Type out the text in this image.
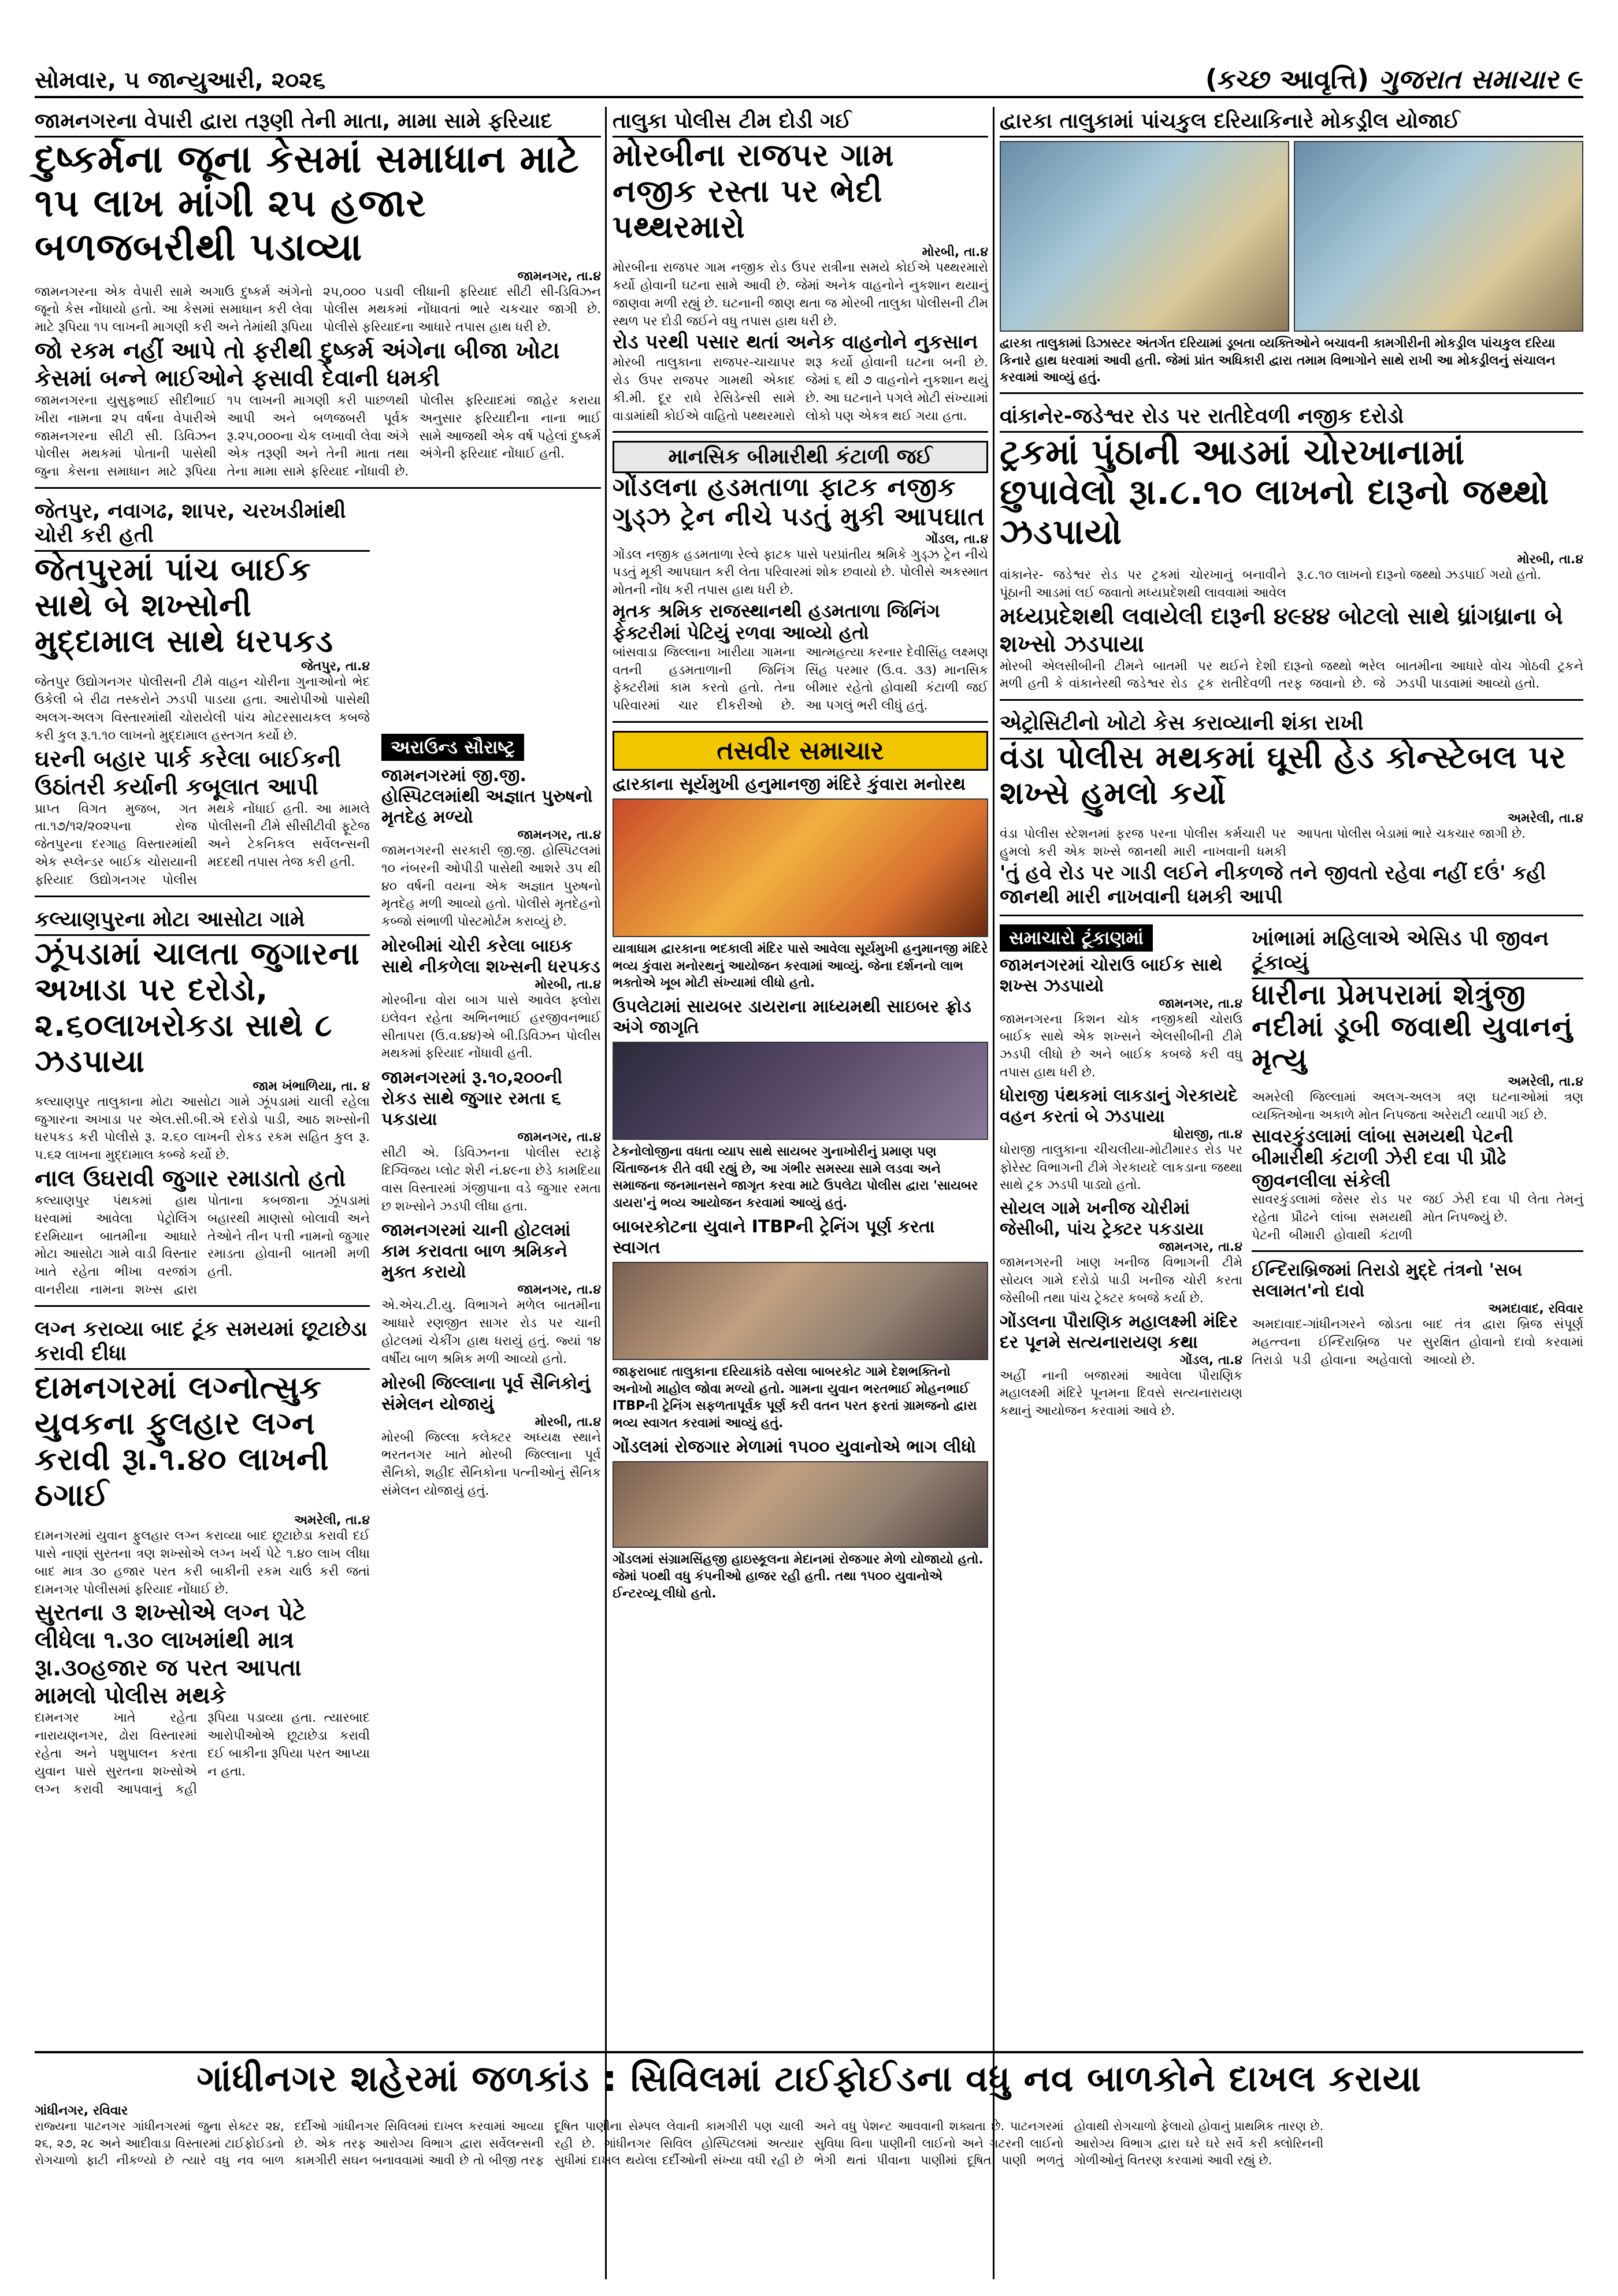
સોમવાર, ૫ જાન્યુઆરી, ૨૦૨૬	(કચ્છ આવૃત્તિ) ગુજરાત સમાચાર ૯
જામનગરના વેપારી દ્વારા તરૂણી તેની માતા, મામા સામે ફરિયાદ
દુષ્કર્મના જૂના કેસમાં સમાધાન માટે ૧૫ લાખ માંગી ૨૫ હજાર બળજબરીથી પડાવ્યા
જામનગર, તા.૪
જામનગરના એક વેપારી સામે અગાઉ દુષ્કર્મ અંગેનો જૂનો કેસ નોંધાયો હતો. આ કેસમાં સમાધાન કરી લેવા માટે રૂપિયા ૧૫ લાખની માગણી કરી અને તેમાંથી રૂપિયા ૨૫,૦૦૦ પડાવી લીધાની ફરિયાદ સીટી સી-ડિવિઝન પોલીસ મથકમાં નોંધાવતાં ભારે ચકચાર જાગી છે. પોલીસે ફરિયાદના આધારે તપાસ હાથ ધરી છે.
જો રકમ નહીં આપે તો ફરીથી દુષ્કર્મ અંગેના બીજા ખોટા કેસમાં બન્ને ભાઈઓને ફસાવી દેવાની ધમકી
જામનગરના યુસુફભાઈ સીદીભાઈ ખીરા નામના ૨૫ વર્ષના વેપારીએ જામનગરના સીટી સી. ડિવિઝન પોલીસ મથકમાં પોતાની પાસેથી જુના કેસના સમાધાન માટે રૂપિયા ૧૫ લાખની માગણી કરી પાછળથી આપી અને બળજબરી પૂર્વક રૂ.૨૫,૦૦૦ના ચેક લખાવી લેવા અંગે એક તરૂણી અને તેની માતા તથા તેના મામા સામે ફરિયાદ નોંધાવી છે. પોલીસ ફરિયાદમાં જાહેર કરાયા અનુસાર ફરિયાદીના નાના ભાઈ સામે આજથી એક વર્ષ પહેલાં દુષ્કર્મ અંગેની ફરિયાદ નોંધાઈ હતી.
જેતપુર, નવાગઢ, શાપર, ચરખડીમાંથી ચોરી કરી હતી
જેતપુરમાં પાંચ બાઈક સાથે બે શખ્સોની મુદ્દામાલ સાથે ધરપકડ
જેતપુર, તા.૪
જેતપુર ઉદ્યોગનગર પોલીસની ટીમે વાહન ચોરીના ગુનાઓનો ભેદ ઉકેલી બે રીઢા તસ્કરોને ઝડપી પાડયા હતા. આરોપીઓ પાસેથી અલગ-અલગ વિસ્તારમાંથી ચોરાયેલી પાંચ મોટરસાયકલ કબજે કરી કુલ રૂ.૧.૧૦ લાખનો મુદ્દામાલ હસ્તગત કર્યો છે.
ઘરની બહાર પાર્ક કરેલા બાઈકની ઉઠાંતરી કર્યાની કબૂલાત આપી
પ્રાપ્ત વિગત મુજબ, ગત તા.૧૭/૧૨/૨૦૨૫ના રોજ જેતપુરના દરગાહ વિસ્તારમાંથી એક સ્પ્લેન્ડર બાઈક ચોરાયાની ફરિયાદ ઉદ્યોગનગર પોલીસ મથકે નોંધાઈ હતી. આ મામલે પોલીસની ટીમે સીસીટીવી ફૂટેજ અને ટેકનિકલ સર્વેલન્સની મદદથી તપાસ તેજ કરી હતી.
કલ્યાણપુરના મોટા આસોટા ગામે
ઝૂંપડામાં ચાલતા જુગારના અખાડા પર દરોડો, ૨.૬૦લાખરોકડા સાથે ૮ ઝડપાયા
જામ ખંભાળિયા, તા. ૪
કલ્યાણપુર તાલુકાના મોટા આસોટા ગામે ઝૂંપડામાં ચાલી રહેલા જુગારના અખાડા પર એલ.સી.બી.એ દરોડો પાડી, આઠ શખ્સોની ધરપકડ કરી પોલીસે રૂ. ૨.૬૦ લાખની રોકડ રકમ સહિત કુલ રૂ. ૫.૬૨ લાખના મુદ્દામાલ કબ્જે કર્યો છે.
નાલ ઉઘરાવી જુગાર રમાડાતો હતો
કલ્યાણપુર પંથકમાં હાથ ધરવામાં આવેલા પેટ્રોલિંગ દરમિયાન બાતમીના આધારે મોટા આસોટા ગામે વાડી વિસ્તાર ખાતે રહેતા ભીખા વરજાંગ વાનરીયા નામના શખ્સ દ્વારા પોતાના કબજાના ઝૂંપડામાં બહારથી માણસો બોલાવી અને તેઓને તીન પત્તી નામનો જુગાર રમાડતા હોવાની બાતમી મળી હતી.
લગ્ન કરાવ્યા બાદ ટૂંક સમયમાં છૂટાછેડા કરાવી દીધા
દામનગરમાં લગ્નોત્સુક યુવકના ફુલહાર લગ્ન કરાવી રૂા.૧.૪૦ લાખની ઠગાઈ
અમરેલી, તા.૪
દામનગરમાં યુવાન ફુલહાર લગ્ન કરાવ્યા બાદ છૂટાછેડા કરાવી દઈ પાસે નાણાં સુરતના ત્રણ શખ્સોએ લગ્ન ખર્ચ પેટે ૧.૪૦ લાખ લીધા બાદ માત્ર ૩૦ હજાર પરત કરી બાકીની રકમ ચાઉં કરી જતાં દામનગર પોલીસમાં ફરિયાદ નોંધાઈ છે.
સુરતના ૩ શખ્સોએ લગ્ન પેટે લીધેલા ૧.૩૦ લાખમાંથી માત્ર રૂા.૩૦હજાર જ પરત આપતા મામલો પોલીસ મથકે
દામનગર ખાતે રહેતા નારાયણનગર, ઢોરા વિસ્તારમાં રહેતા અને પશુપાલન કરતા યુવાન પાસે સુરતના શખ્સોએ લગ્ન કરાવી આપવાનું કહી રૂપિયા પડાવ્યા હતા. ત્યારબાદ આરોપીઓએ છૂટાછેડા કરાવી દઈ બાકીના રૂપિયા પરત આપ્યા ન હતા.
અરાઉન્ડ સૌરાષ્ટ્ર
જામનગરમાં જી.જી. હોસ્પિટલમાંથી અજ્ઞાત પુરુષનો મૃતદેહ મળ્યો
જામનગર, તા.૪
જામનગરની સરકારી જી.જી. હોસ્પિટલમાં ૧૦ નંબરની ઓપીડી પાસેથી આશરે ૩૫ થી ૪૦ વર્ષની વયના એક અજ્ઞાત પુરુષનો મૃતદેહ મળી આવ્યો હતો. પોલીસે મૃતદેહનો કબ્જો સંભાળી પોસ્ટમોર્ટમ કરાવ્યું છે.
મોરબીમાં ચોરી કરેલા બાઇક સાથે નીકળેલા શખ્સની ધરપકડ
મોરબી, તા.૪
મોરબીના વોરા બાગ પાસે આવેલ ફ્લોરા ઇલેવન રહેતા અભિનભાઈ હરજીવનભાઈ સીતાપરા (ઉ.વ.૪૪)એ બી.ડિવિઝન પોલીસ મથકમાં ફરિયાદ નોંધાવી હતી.
જામનગરમાં રૂ.૧૦,૨૦૦ની રોકડ સાથે જુગાર રમતા ૬ પકડાયા
જામનગર, તા.૪
સીટી એ. ડિવિઝનના પોલીસ સ્ટાફે દિગ્વિજય પ્લોટ શેરી નં.૪૯ના છેડે કામદિયા વાસ વિસ્તારમાં ગંજીપાના વડે જુગાર રમતા છ શખ્સોને ઝડપી લીધા હતા.
જામનગરમાં ચાની હોટલમાં કામ કરાવતા બાળ શ્રમિકને મુક્ત કરાયો
જામનગર, તા.૪
એ.એચ.ટી.યુ. વિભાગને મળેલ બાતમીના આધારે રણજીત સાગર રોડ પર ચાની હોટલમાં ચેકીંગ હાથ ધરાયું હતું. જ્યાં ૧૪ વર્ષીય બાળ શ્રમિક મળી આવ્યો હતો.
મોરબી જિલ્લાના પૂર્વ સૈનિકોનું સંમેલન યોજાયું
મોરબી, તા.૪
મોરબી જિલ્લા કલેક્ટર અધ્યક્ષ સ્થાને ભરતનગર ખાતે મોરબી જિલ્લાના પૂર્વ સૈનિકો, શહીદ સૈનિકોના પત્નીઓનું સૈનિક સંમેલન યોજાયું હતું.
તાલુકા પોલીસ ટીમ દોડી ગઈ
મોરબીના રાજપર ગામ નજીક રસ્તા પર ભેદી પથ્થરમારો
મોરબી, તા.૪
મોરબીના રાજપર ગામ નજીક રોડ ઉપર રાત્રીના સમયે કોઈએ પથ્થરમારો કર્યો હોવાની ઘટના સામે આવી છે. જેમાં અનેક વાહનોને નુકશાન થયાનું જાણવા મળી રહ્યું છે. ઘટનાની જાણ થતા જ મોરબી તાલુકા પોલીસની ટીમ સ્થળ પર દોડી જઈને વધુ તપાસ હાથ ધરી છે.
રોડ પરથી પસાર થતાં અનેક વાહનોને નુકસાન
મોરબી તાલુકાના રાજપર-ચાચાપર રોડ ઉપર રાજપર ગામથી એકાદ કી.મી. દૂર રાધે રેસિડેન્સી સામે વાડામાંથી કોઈએ વાહિતો પથ્થરમારો શરૂ કર્યો હોવાની ઘટના બની છે. જેમાં ૬ થી ૭ વાહનોને નુકશાન થયું છે. આ ઘટનાને પગલે મોટી સંખ્યામાં લોકો પણ એકત્ર થઈ ગયા હતા.
માનસિક બીમારીથી કંટાળી જઈ
ગોંડલના હડમતાળા ફાટક નજીક ગુડ્ઝ ટ્રેન નીચે પડતું મુકી આપઘાત
ગોંડલ, તા.૪
ગોંડલ નજીક હડમતાળા રેલ્વે ફાટક પાસે પરપ્રાંતીય શ્રમિકે ગુડ્ઝ ટ્રેન નીચે પડતું મૂકી આપઘાત કરી લેતા પરિવારમાં શોક છવાયો છે. પોલીસે અકસ્માત મોતની નોંધ કરી તપાસ હાથ ધરી છે.
મૃતક શ્રમિક રાજસ્થાનથી હડમતાળા જિનિંગ ફેક્ટરીમાં પેટિયું રળવા આવ્યો હતો
બાંસવાડા જિલ્લાના ખારીયા ગામના વતની હડમતાળાની જિનિંગ ફેક્ટરીમાં કામ કરતો હતો. તેના પરિવારમાં ચાર દીકરીઓ છે. આત્મહત્યા કરનાર દેવીસિંહ લક્ષ્મણ સિંહ પરમાર (ઉ.વ. ૩૩) માનસિક બીમાર રહેતો હોવાથી કંટાળી જઈ આ પગલું ભરી લીધું હતું.
તસવીર સમાચાર
દ્વારકાના સૂર્યમુખી હનુમાનજી મંદિરે કુંવારા મનોરથ
યાત્રાધામ દ્વારકાના ભદકાલી મંદિર પાસે આવેલા સૂર્યમુખી હનુમાનજી મંદિરે ભવ્ય કુંવારા મનોરથનું આયોજન કરવામાં આવ્યું. જેના દર્શનનો લાભ ભક્તોએ ખૂબ મોટી સંખ્યામાં લીધો હતો.
ઉપલેટામાં સાયબર ડાયરાના માધ્યમથી સાઇબર ફ્રોડ અંગે જાગૃતિ
ટેકનોલોજીના વધતા વ્યાપ સાથે સાયબર ગુનાખોરીનું પ્રમાણ પણ ચિંતાજનક રીતે વધી રહ્યું છે, આ ગંભીર સમસ્યા સામે લડવા અને સમાજના જનમાનસને જાગૃત કરવા માટે ઉપલેટા પોલીસ દ્વારા 'સાયબર ડાયરા'નું ભવ્ય આયોજન કરવામાં આવ્યું હતું.
બાબરકોટના યુવાને ITBPની ટ્રેનિંગ પૂર્ણ કરતા સ્વાગત
જાફરાબાદ તાલુકાના દરિયાકાંઠે વસેલા બાબરકોટ ગામે દેશભક્તિનો અનોખો માહોલ જોવા મળ્યો હતો. ગામના યુવાન ભરતભાઈ મોહનભાઈ ITBPની ટ્રેનિંગ સફળતાપૂર્વક પૂર્ણ કરી વતન પરત ફરતાં ગ્રામજનો દ્વારા ભવ્ય સ્વાગત કરવામાં આવ્યું હતું.
ગોંડલમાં રોજગાર મેળામાં ૧૫૦૦ યુવાનોએ ભાગ લીધો
ગોંડલમાં સંગ્રામસિંહજી હાઇસ્કૂલના મેદાનમાં રોજગાર મેળો યોજાયો હતો. જેમાં ૫૦થી વધુ કંપનીઓ હાજર રહી હતી. તથા ૧૫૦૦ યુવાનોએ ઈન્ટરવ્યૂ લીધો હતો.
દ્વારકા તાલુકામાં પાંચકુલ દરિયાકિનારે મોકડ્રીલ યોજાઈ
દ્વારકા તાલુકામાં ડિઝાસ્ટર અંતર્ગત દરિયામાં ડૂબતા વ્યક્તિઓને બચાવની કામગીરીની મોકડ્રીલ પાંચકુલ દરિયા કિનારે હાથ ધરવામાં આવી હતી. જેમાં પ્રાંત અધિકારી દ્વારા તમામ વિભાગોને સાથે રાખી આ મોકડ્રીલનું સંચાલન કરવામાં આવ્યું હતું.
વાંકાનેર-જડેશ્વર રોડ પર રાતીદેવળી નજીક દરોડો
ટ્રકમાં પુંઠાની આડમાં ચોરખાનામાં છુપાવેલો રૂા.૮.૧૦ લાખનો દારૂનો જથ્થો ઝડપાયો
મોરબી, તા.૪
વાંકાનેર- જડેશ્વર રોડ પર ટ્રકમાં ચોરખાનું બનાવીને પૂંઠાની આડમાં લઈ જવાતો મધ્યપ્રદેશથી લાવવામાં આવેલ રૂ.૮.૧૦ લાખનો દારૂનો જથ્થો ઝડપાઈ ગયો હતો.
મધ્યપ્રદેશથી લવાયેલી દારૂની ૪૯૪૪ બોટલો સાથે ધ્રાંગધ્રાના બે શખ્સો ઝડપાયા
મોરબી એલસીબીની ટીમને બાતમી મળી હતી કે વાંકાનેરથી જડેશ્વર રોડ પર થઈને દેશી દારૂનો જથ્થો ભરેલ ટ્રક રાતીદેવળી તરફ જવાનો છે. જે બાતમીના આધારે વોચ ગોઠવી ટ્રકને ઝડપી પાડવામાં આવ્યો હતો.
એટ્રોસિટીનો ખોટો કેસ કરાવ્યાની શંકા રાખી
વંડા પોલીસ મથકમાં ઘૂસી હેડ કોન્સ્ટેબલ પર શખ્સે હુમલો કર્યો
અમરેલી, તા.૪
વંડા પોલીસ સ્ટેશનમાં ફરજ પરના પોલીસ કર્મચારી પર હુમલો કરી એક શખ્સે જાનથી મારી નાખવાની ધમકી આપતા પોલીસ બેડામાં ભારે ચકચાર જાગી છે.
'તું હવે રોડ પર ગાડી લઈને નીકળજે તને જીવતો રહેવા નહીં દઉં' કહી જાનથી મારી નાખવાની ધમકી આપી
સમાચારો ટૂંકાણમાં
જામનગરમાં ચોરાઉ બાઈક સાથે શખ્સ ઝડપાયો
જામનગર, તા.૪
જામનગરના કિશન ચોક નજીકથી ચોરાઉ બાઈક સાથે એક શખ્સને એલસીબીની ટીમે ઝડપી લીધો છે અને બાઈક કબજે કરી વધુ તપાસ હાથ ધરી છે.
ધોરાજી પંથકમાં લાકડાનું ગેરકાયદે વહન કરતાં બે ઝડપાયા
ધોરાજી, તા.૪
ધોરાજી તાલુકાના ચીચલીયા-મોટીમારડ રોડ પર ફોરેસ્ટ વિભાગની ટીમે ગેરકાયદે લાકડાના જથ્થા સાથે ટ્રક ઝડપી પાડ્યો હતો.
સોયલ ગામે ખનીજ ચોરીમાં જેસીબી, પાંચ ટ્રેક્ટર પકડાયા
જામનગર, તા.૪
જામનગરની ખાણ ખનીજ વિભાગની ટીમે સોયલ ગામે દરોડો પાડી ખનીજ ચોરી કરતા જેસીબી તથા પાંચ ટ્રેક્ટર કબજે કર્યા છે.
ગોંડલના પૌરાણિક મહાલક્ષ્મી મંદિર દર પૂનમે સત્યનારાયણ કથા
ગોંડલ, તા.૪
અહીં નાની બજારમાં આવેલા પૌરાણિક મહાલક્ષ્મી મંદિરે પૂનમના દિવસે સત્યનારાયણ કથાનું આયોજન કરવામાં આવે છે.
ખાંભામાં મહિલાએ એસિડ પી જીવન ટૂંકાવ્યું
ધારીના પ્રેમપરામાં શેત્રુંજી નદીમાં ડૂબી જવાથી યુવાનનું મૃત્યુ
અમરેલી, તા.૪
અમરેલી જિલ્લામાં અલગ-અલગ ત્રણ ઘટનાઓમાં ત્રણ વ્યક્તિઓના અકાળે મોત નિપજતા અરેરાટી વ્યાપી ગઈ છે.
સાવરકુંડલામાં લાંબા સમયથી પેટની બીમારીથી કંટાળી ઝેરી દવા પી પ્રૌઢે જીવનલીલા સંકેલી
સાવરકુંડલામાં જેસર રોડ પર રહેતા પ્રૌઢને લાંબા સમયથી પેટની બીમારી હોવાથી કંટાળી જઈ ઝેરી દવા પી લેતા તેમનું મોત નિપજ્યું છે.
ઈન્દિરાબ્રિજમાં તિરાડો મુદ્દે તંત્રનો 'સબ સલામત'નો દાવો
અમદાવાદ, રવિવાર
અમદાવાદ-ગાંધીનગરને જોડતા મહત્ત્વના ઈન્દિરાબ્રિજ પર તિરાડો પડી હોવાના અહેવાલો બાદ તંત્ર દ્વારા બ્રિજ સંપૂર્ણ સુરક્ષિત હોવાનો દાવો કરવામાં આવ્યો છે.
ગાંધીનગર શહેરમાં જળકાંડ : સિવિલમાં ટાઈફોઈડના વધુ નવ બાળકોને દાખલ કરાયા
ગાંધીનગર, રવિવાર
રાજ્યના પાટનગર ગાંધીનગરમાં જુના સેક્ટર ૨૪, ૨૬, ૨૭, ૨૮ અને આદીવાડા વિસ્તારમાં ટાઈફોઈડનો રોગચાળો ફાટી નીકળ્યો છે ત્યારે વધુ નવ બાળ દર્દીઓ ગાંધીનગર સિવિલમાં દાખલ કરવામાં આવ્યા છે. એક તરફ આરોગ્ય વિભાગ દ્વારા સર્વેલન્સની કામગીરી સઘન બનાવવામાં આવી છે તો બીજી તરફ દૂષિત પાણીના સેમ્પલ લેવાની કામગીરી પણ ચાલી રહી છે. ગાંધીનગર સિવિલ હોસ્પિટલમાં અત્યાર સુધીમાં દાખલ થયેલા દર્દીઓની સંખ્યા વધી રહી છે અને વધુ પેશન્ટ આવવાની શક્યતા છે. પાટનગરમાં સુવિધા વિના પાણીની લાઈનો અને ગટરની લાઈનો ભેગી થતાં પીવાના પાણીમાં દૂષિત પાણી ભળતું હોવાથી રોગચાળો ફેલાયો હોવાનું પ્રાથમિક તારણ છે. આરોગ્ય વિભાગ દ્વારા ઘરે ઘરે સર્વે કરી ક્લોરિનની ગોળીઓનું વિતરણ કરવામાં આવી રહ્યું છે.
